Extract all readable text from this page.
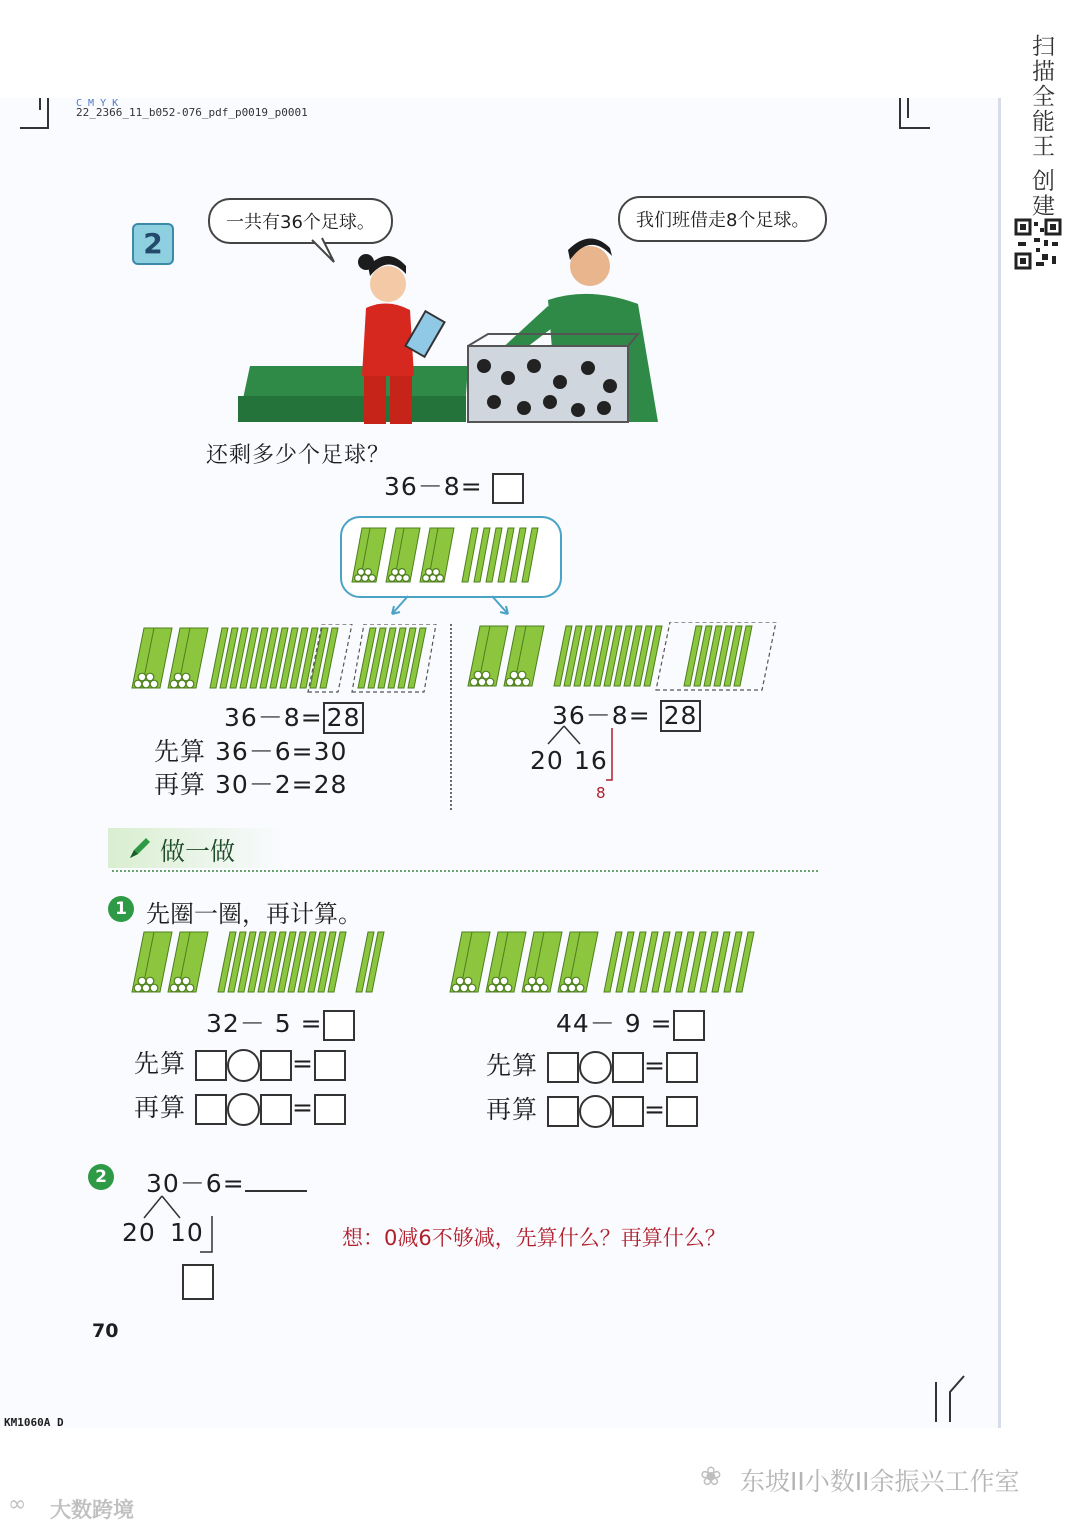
扫描全能王 创建
C M Y K
22_2366_11_b052-076_pdf_p0019_p0001
2
一共有36个足球。	我们班借走8个足球。
还剩多少个足球？
36－8=
36－8= 28
先算 36－6=30
再算 30－2=28
36－8= 28
20 16
8
做一做
1 先圈一圈，再计算。
32－ 5 =
先算	=
再算	=
44－ 9 =
先算	=
再算	=
2 30－6=
20 10	想：0减6不够减，先算什么？再算什么？
70
KM1060A D
❀ 东坡II小数II余振兴工作室
∞ 大数跨境
